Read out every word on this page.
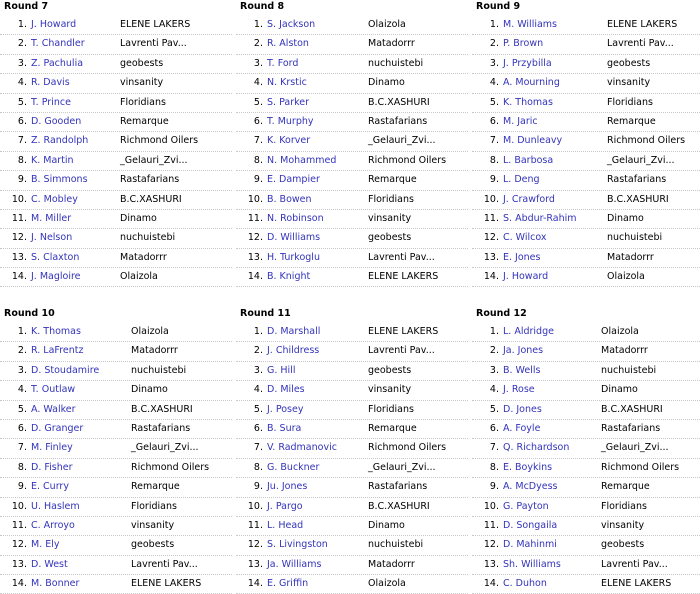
Round 7
1. J. Howard	ELENE LAKERS
2. T. Chandler	Lavrenti Pav...
3. Z. Pachulia	geobests
4. R. Davis	vinsanity
5. T. Prince	Floridians
6. D. Gooden	Remarque
7. Z. Randolph	Richmond Oilers
8. K. Martin	_Gelauri_Zvi...
9. B. Simmons	Rastafarians
10. C. Mobley	B.C.XASHURI
11. M. Miller	Dinamo
12. J. Nelson	nuchuistebi
13. S. Claxton	Matadorrr
14. J. Magloire	Olaizola
Round 8
1. S. Jackson	Olaizola
2. R. Alston	Matadorrr
3. T. Ford	nuchuistebi
4. N. Krstic	Dinamo
5. S. Parker	B.C.XASHURI
6. T. Murphy	Rastafarians
7. K. Korver	_Gelauri_Zvi...
8. N. Mohammed	Richmond Oilers
9. E. Dampier	Remarque
10. B. Bowen	Floridians
11. N. Robinson	vinsanity
12. D. Williams	geobests
13. H. Turkoglu	Lavrenti Pav...
14. B. Knight	ELENE LAKERS
Round 9
1. M. Williams	ELENE LAKERS
2. P. Brown	Lavrenti Pav...
3. J. Przybilla	geobests
4. A. Mourning	vinsanity
5. K. Thomas	Floridians
6. M. Jaric	Remarque
7. M. Dunleavy	Richmond Oilers
8. L. Barbosa	_Gelauri_Zvi...
9. L. Deng	Rastafarians
10. J. Crawford	B.C.XASHURI
11. S. Abdur-Rahim	Dinamo
12. C. Wilcox	nuchuistebi
13. E. Jones	Matadorrr
14. J. Howard	Olaizola
Round 10
1. K. Thomas	Olaizola
2. R. LaFrentz	Matadorrr
3. D. Stoudamire	nuchuistebi
4. T. Outlaw	Dinamo
5. A. Walker	B.C.XASHURI
6. D. Granger	Rastafarians
7. M. Finley	_Gelauri_Zvi...
8. D. Fisher	Richmond Oilers
9. E. Curry	Remarque
10. U. Haslem	Floridians
11. C. Arroyo	vinsanity
12. M. Ely	geobests
13. D. West	Lavrenti Pav...
14. M. Bonner	ELENE LAKERS
Round 11
1. D. Marshall	ELENE LAKERS
2. J. Childress	Lavrenti Pav...
3. G. Hill	geobests
4. D. Miles	vinsanity
5. J. Posey	Floridians
6. B. Sura	Remarque
7. V. Radmanovic	Richmond Oilers
8. G. Buckner	_Gelauri_Zvi...
9. Ju. Jones	Rastafarians
10. J. Pargo	B.C.XASHURI
11. L. Head	Dinamo
12. S. Livingston	nuchuistebi
13. Ja. Williams	Matadorrr
14. E. Griffin	Olaizola
Round 12
1. L. Aldridge	Olaizola
2. Ja. Jones	Matadorrr
3. B. Wells	nuchuistebi
4. J. Rose	Dinamo
5. D. Jones	B.C.XASHURI
6. A. Foyle	Rastafarians
7. Q. Richardson	_Gelauri_Zvi...
8. E. Boykins	Richmond Oilers
9. A. McDyess	Remarque
10. G. Payton	Floridians
11. D. Songaila	vinsanity
12. D. Mahinmi	geobests
13. Sh. Williams	Lavrenti Pav...
14. C. Duhon	ELENE LAKERS
